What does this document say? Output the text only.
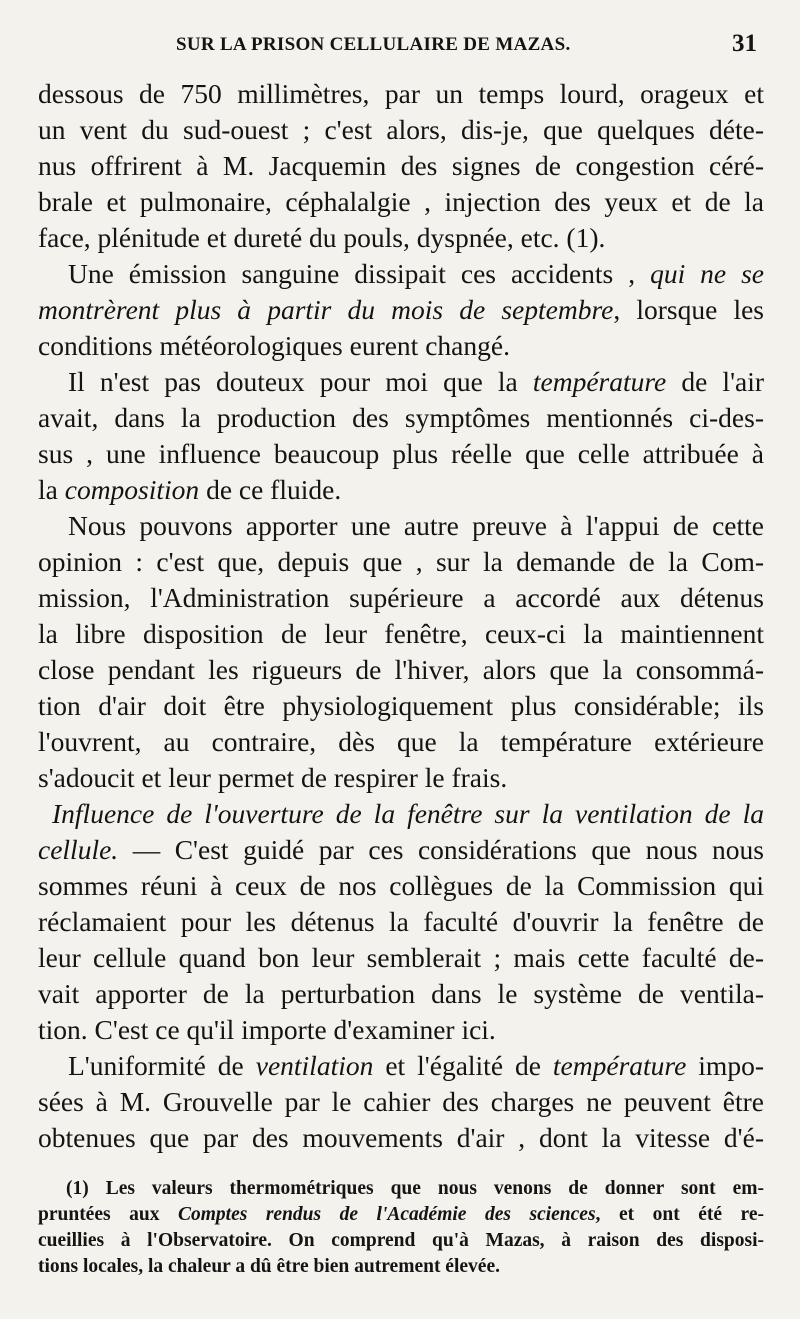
SUR LA PRISON CELLULAIRE DE MAZAS.	31
dessous de 750 millimètres, par un temps lourd, orageux et
un vent du sud-ouest ; c'est alors, dis-je, que quelques déte-
nus offrirent à M. Jacquemin des signes de congestion céré-
brale et pulmonaire, céphalalgie , injection des yeux et de la
face, plénitude et dureté du pouls, dyspnée, etc. (1).
Une émission sanguine dissipait ces accidents , qui ne se
montrèrent plus à partir du mois de septembre, lorsque les
conditions météorologiques eurent changé.
Il n'est pas douteux pour moi que la température de l'air
avait, dans la production des symptômes mentionnés ci-des-
sus , une influence beaucoup plus réelle que celle attribuée à
la composition de ce fluide.
Nous pouvons apporter une autre preuve à l'appui de cette
opinion : c'est que, depuis que , sur la demande de la Com-
mission, l'Administration supérieure a accordé aux détenus
la libre disposition de leur fenêtre, ceux-ci la maintiennent
close pendant les rigueurs de l'hiver, alors que la consommá-
tion d'air doit être physiologiquement plus considérable; ils
l'ouvrent, au contraire, dès que la température extérieure
s'adoucit et leur permet de respirer le frais.
Influence de l'ouverture de la fenêtre sur la ventilation de la
cellule. — C'est guidé par ces considérations que nous nous
sommes réuni à ceux de nos collègues de la Commission qui
réclamaient pour les détenus la faculté d'ouvrir la fenêtre de
leur cellule quand bon leur semblerait ; mais cette faculté de-
vait apporter de la perturbation dans le système de ventila-
tion. C'est ce qu'il importe d'examiner ici.
L'uniformité de ventilation et l'égalité de température impo-
sées à M. Grouvelle par le cahier des charges ne peuvent être
obtenues que par des mouvements d'air , dont la vitesse d'é-
(1) Les valeurs thermométriques que nous venons de donner sont em-
pruntées aux Comptes rendus de l'Académie des sciences, et ont été re-
cueillies à l'Observatoire. On comprend qu'à Mazas, à raison des disposi-
tions locales, la chaleur a dû être bien autrement élevée.
